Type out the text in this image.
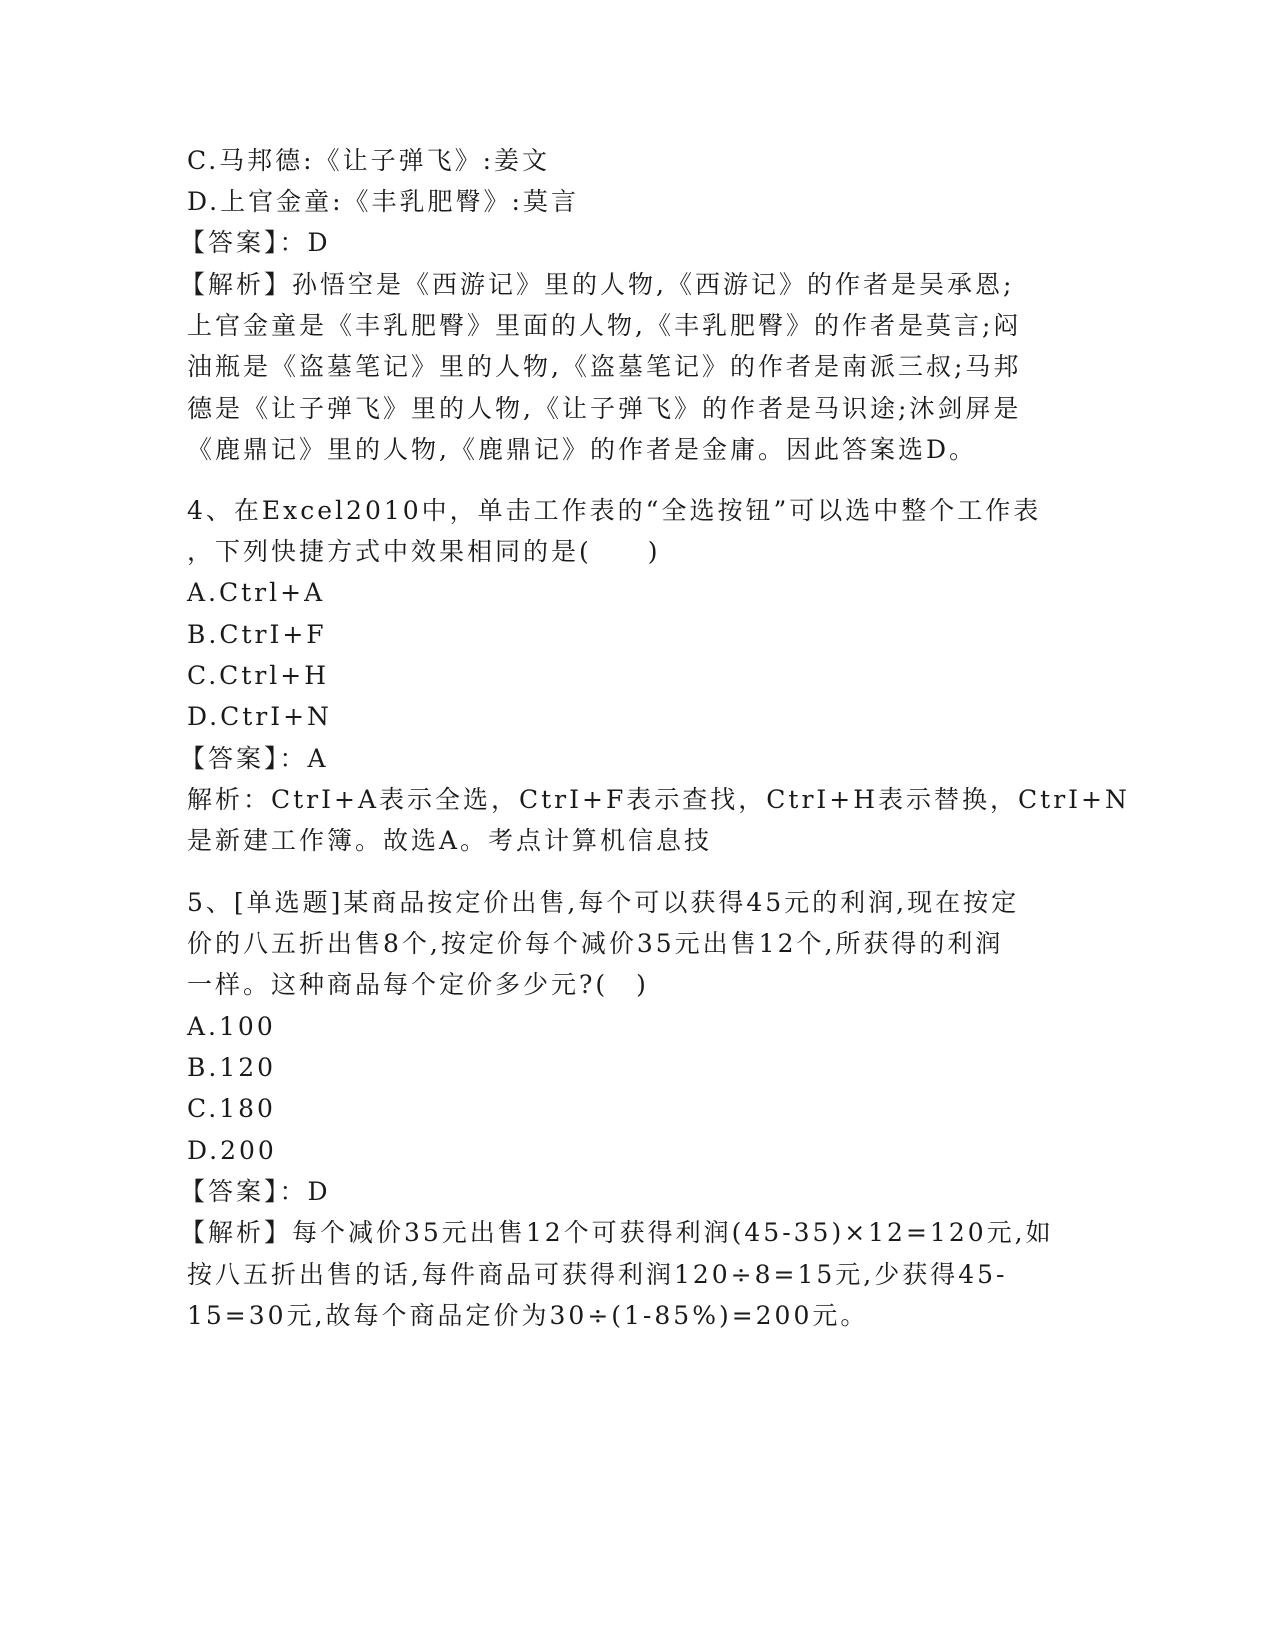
C.马邦德:《让子弹飞》:姜文
D.上官金童:《丰乳肥臀》:莫言
【答案】：D
【解析】孙悟空是《西游记》里的人物,《西游记》的作者是吴承恩;
上官金童是《丰乳肥臀》里面的人物,《丰乳肥臀》的作者是莫言;闷
油瓶是《盗墓笔记》里的人物,《盗墓笔记》的作者是南派三叔;马邦
德是《让子弹飞》里的人物,《让子弹飞》的作者是马识途;沐剑屏是
《鹿鼎记》里的人物,《鹿鼎记》的作者是金庸。因此答案选D。
4、在Excel2010中，单击工作表的“全选按钮”可以选中整个工作表
，下列快捷方式中效果相同的是(　　)
A.Ctrl+A
B.CtrI+F
C.Ctrl+H
D.CtrI+N
【答案】：A
解析：CtrI+A表示全选，CtrI+F表示查找，CtrI+H表示替换，CtrI+N
是新建工作簿。故选A。考点计算机信息技
5、[单选题]某商品按定价出售,每个可以获得45元的利润,现在按定
价的八五折出售8个,按定价每个减价35元出售12个,所获得的利润
一样。这种商品每个定价多少元?(　)
A.100
B.120
C.180
D.200
【答案】：D
【解析】每个减价35元出售12个可获得利润(45-35)×12=120元,如
按八五折出售的话,每件商品可获得利润120÷8=15元,少获得45-
15=30元,故每个商品定价为30÷(1-85%)=200元。
